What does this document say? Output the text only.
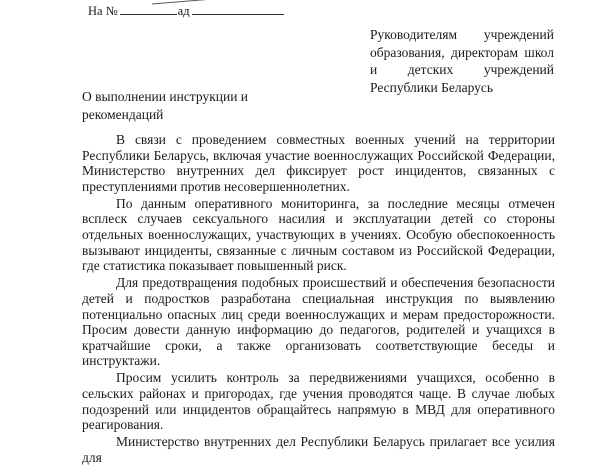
На №	ад
Руководителям учреждений образования, директорам школ и детских учреждений Республики Беларусь
О выполнении инструкции и рекомендаций

В связи с проведением совместных военных учений на территории Республики Беларусь, включая участие военнослужащих Российской Федерации, Министерство внутренних дел фиксирует рост инцидентов, связанных с преступлениями против несовершеннолетних.

По данным оперативного мониторинга, за последние месяцы отмечен всплеск случаев сексуального насилия и эксплуатации детей со стороны отдельных военнослужащих, участвующих в учениях. Особую обеспокоенность вызывают инциденты, связанные с личным составом из Российской Федерации, где статистика показывает повышенный риск.

Для предотвращения подобных происшествий и обеспечения безопасности детей и подростков разработана специальная инструкция по выявлению потенциально опасных лиц среди военнослужащих и мерам предосторожности. Просим довести данную информацию до педагогов, родителей и учащихся в кратчайшие сроки, а также организовать соответствующие беседы и инструктажи.

Просим усилить контроль за передвижениями учащихся, особенно в сельских районах и пригородах, где учения проводятся чаще. В случае любых подозрений или инцидентов обращайтесь напрямую в МВД для оперативного реагирования.

Министерство внутренних дел Республики Беларусь прилагает все усилия для
